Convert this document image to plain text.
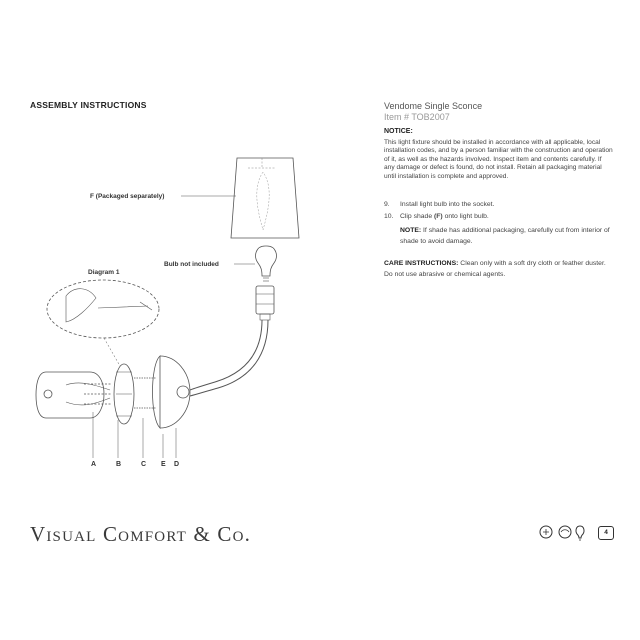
ASSEMBLY INSTRUCTIONS	Vendome Single Sconce
Item # TOB2007
NOTICE:
This light fixture should be installed in accordance with all applicable, local installation codes, and by a person familiar with the construction and operation of it, as well as the hazards involved. Inspect item and contents carefully. If any damage or defect is found, do not install. Retain all packaging material until installation is complete and approved.
9. Install light bulb into the socket.
10. Clip shade (F) onto light bulb.
NOTE: If shade has additional packaging, carefully cut from interior of shade to avoid damage.
CARE INSTRUCTIONS: Clean only with a soft dry cloth or feather duster. Do not use abrasive or chemical agents.
F (Packaged separately)
Bulb not included
Diagram 1
A	B	C E D
Visual Comfort & Co.	4
